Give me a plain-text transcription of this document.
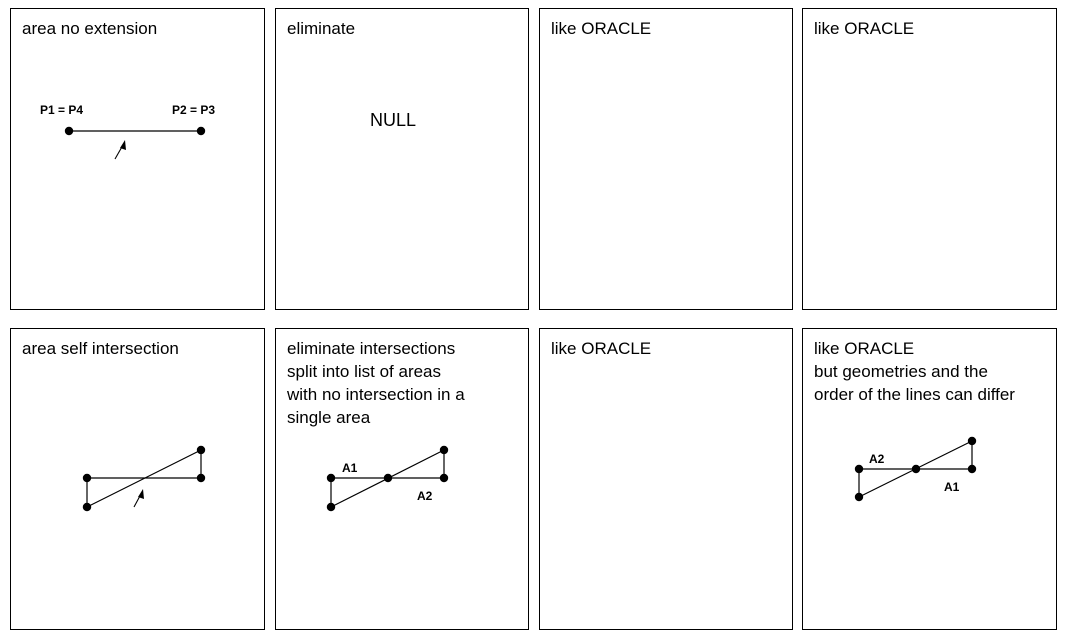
area no extension
P1 = P4	P2 = P3
eliminate
NULL
like ORACLE	like ORACLE
area self intersection	eliminate intersections
split into list of areas
with no intersection in a
single area
A1
A2
like ORACLE	like ORACLE
but geometries and the
order of the lines can differ
A2
A1
